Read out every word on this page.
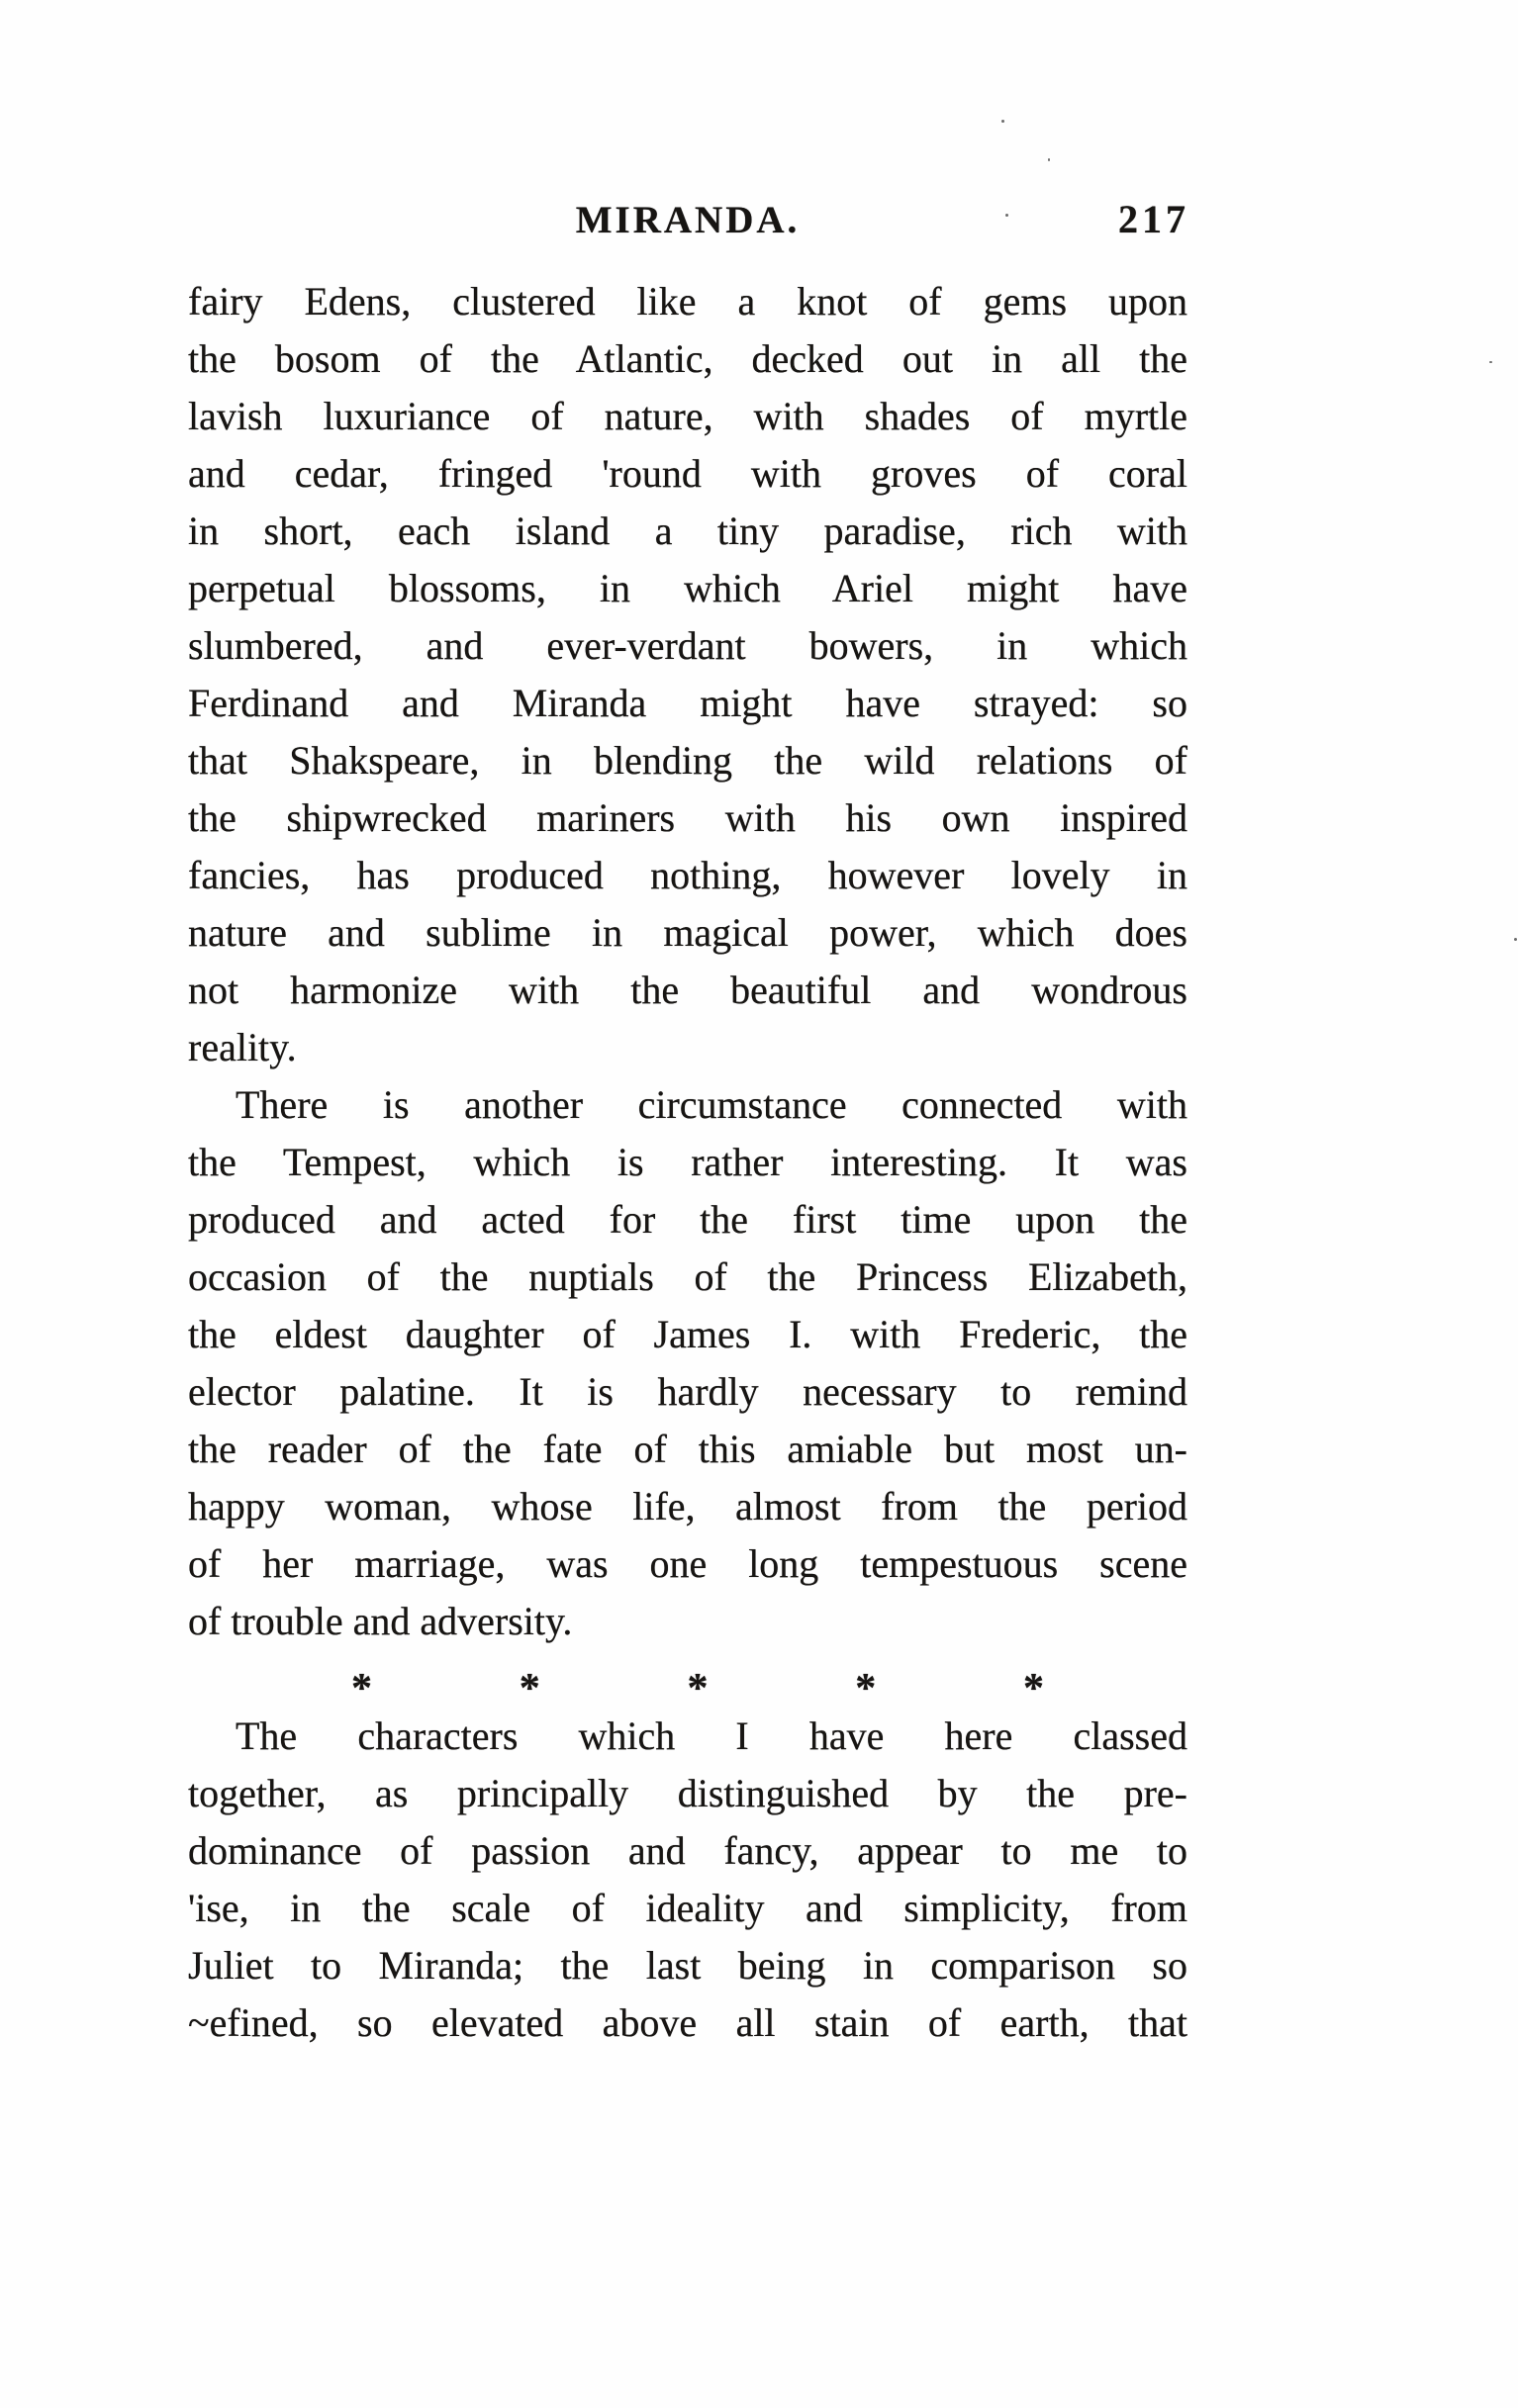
MIRANDA.	217
fairy Edens, clustered like a knot of gems upon
the bosom of the Atlantic, decked out in all the
lavish luxuriance of nature, with shades of myrtle
and cedar, fringed 'round with groves of coral
in short, each island a tiny paradise, rich with
perpetual blossoms, in which Ariel might have
slumbered, and ever-verdant bowers, in which
Ferdinand and Miranda might have strayed: so
that Shakspeare, in blending the wild relations of
the shipwrecked mariners with his own inspired
fancies, has produced nothing, however lovely in
nature and sublime in magical power, which does
not harmonize with the beautiful and wondrous
reality.
There is another circumstance connected with
the Tempest, which is rather interesting. It was
produced and acted for the first time upon the
occasion of the nuptials of the Princess Elizabeth,
the eldest daughter of James I. with Frederic, the
elector palatine. It is hardly necessary to remind
the reader of the fate of this amiable but most un-
happy woman, whose life, almost from the period
of her marriage, was one long tempestuous scene
of trouble and adversity.
*	*	*	*	*
The characters which I have here classed
together, as principally distinguished by the pre-
dominance of passion and fancy, appear to me to
'ise, in the scale of ideality and simplicity, from
Juliet to Miranda; the last being in comparison so
~efined, so elevated above all stain of earth, that
